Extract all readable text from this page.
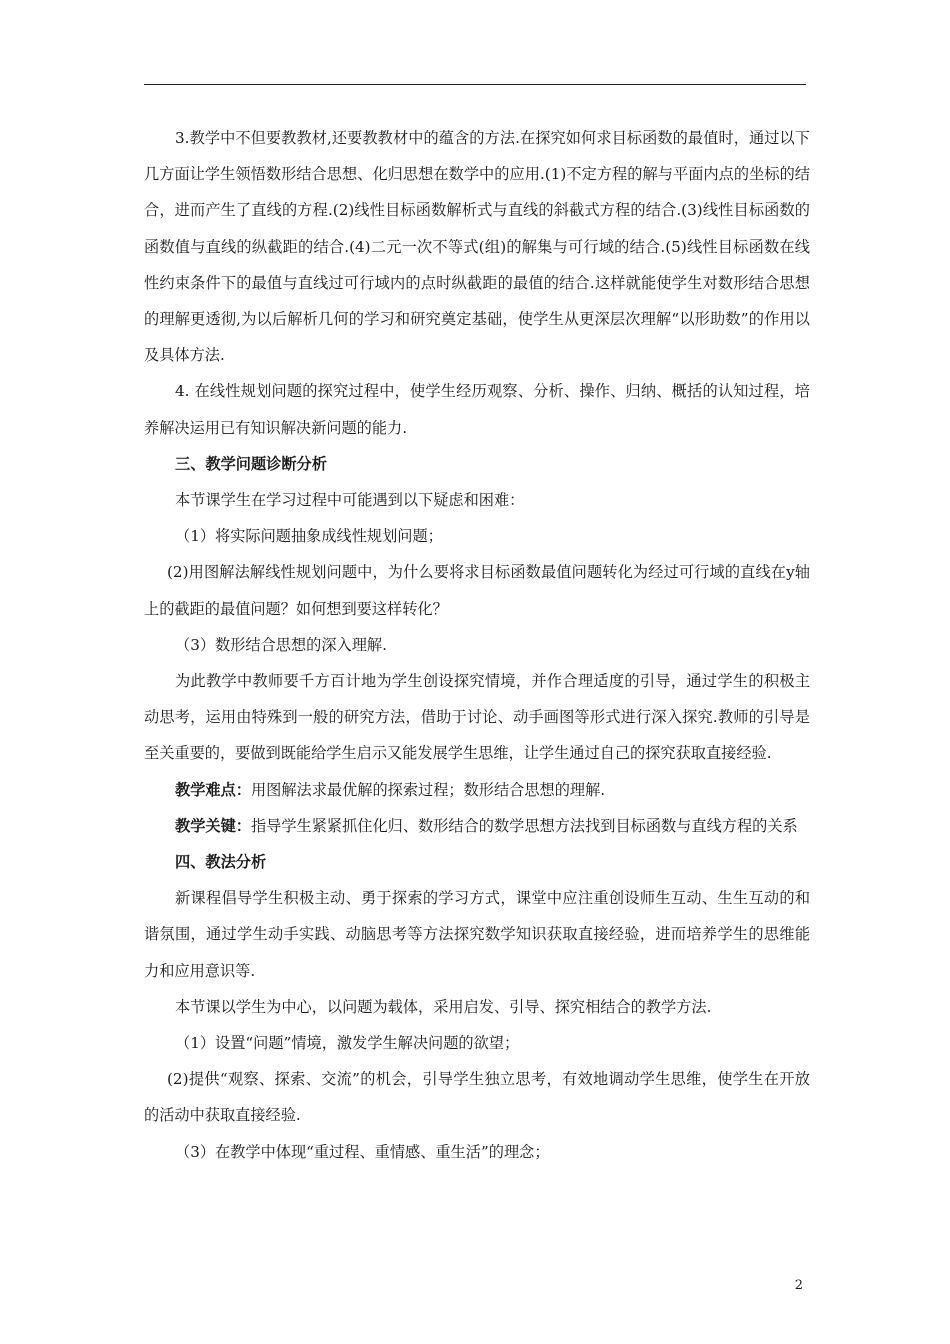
3.教学中不但要教教材,还要教教材中的蕴含的方法.在探究如何求目标函数的最值时，通过以下几方面让学生领悟数形结合思想、化归思想在数学中的应用.(1)不定方程的解与平面内点的坐标的结合，进而产生了直线的方程.(2)线性目标函数解析式与直线的斜截式方程的结合.(3)线性目标函数的函数值与直线的纵截距的结合.(4)二元一次不等式(组)的解集与可行域的结合.(5)线性目标函数在线性约束条件下的最值与直线过可行域内的点时纵截距的最值的结合.这样就能使学生对数形结合思想的理解更透彻,为以后解析几何的学习和研究奠定基础，使学生从更深层次理解“以形助数”的作用以及具体方法.

4. 在线性规划问题的探究过程中，使学生经历观察、分析、操作、归纳、概括的认知过程，培养解决运用已有知识解决新问题的能力.

三、教学问题诊断分析

本节课学生在学习过程中可能遇到以下疑虑和困难：

（1）将实际问题抽象成线性规划问题；

(2)用图解法解线性规划问题中，为什么要将求目标函数最值问题转化为经过可行域的直线在y轴上的截距的最值问题？如何想到要这样转化？

（3）数形结合思想的深入理解.

为此教学中教师要千方百计地为学生创设探究情境，并作合理适度的引导，通过学生的积极主动思考，运用由特殊到一般的研究方法，借助于讨论、动手画图等形式进行深入探究.教师的引导是至关重要的，要做到既能给学生启示又能发展学生思维，让学生通过自己的探究获取直接经验.

教学难点：用图解法求最优解的探索过程；数形结合思想的理解.

教学关键：指导学生紧紧抓住化归、数形结合的数学思想方法找到目标函数与直线方程的关系

四、教法分析

新课程倡导学生积极主动、勇于探索的学习方式，课堂中应注重创设师生互动、生生互动的和谐氛围，通过学生动手实践、动脑思考等方法探究数学知识获取直接经验，进而培养学生的思维能力和应用意识等.

本节课以学生为中心，以问题为载体，采用启发、引导、探究相结合的教学方法.

（1）设置“问题”情境，激发学生解决问题的欲望；

(2)提供“观察、探索、交流”的机会，引导学生独立思考，有效地调动学生思维，使学生在开放的活动中获取直接经验.

（3）在教学中体现“重过程、重情感、重生活”的理念；

2
